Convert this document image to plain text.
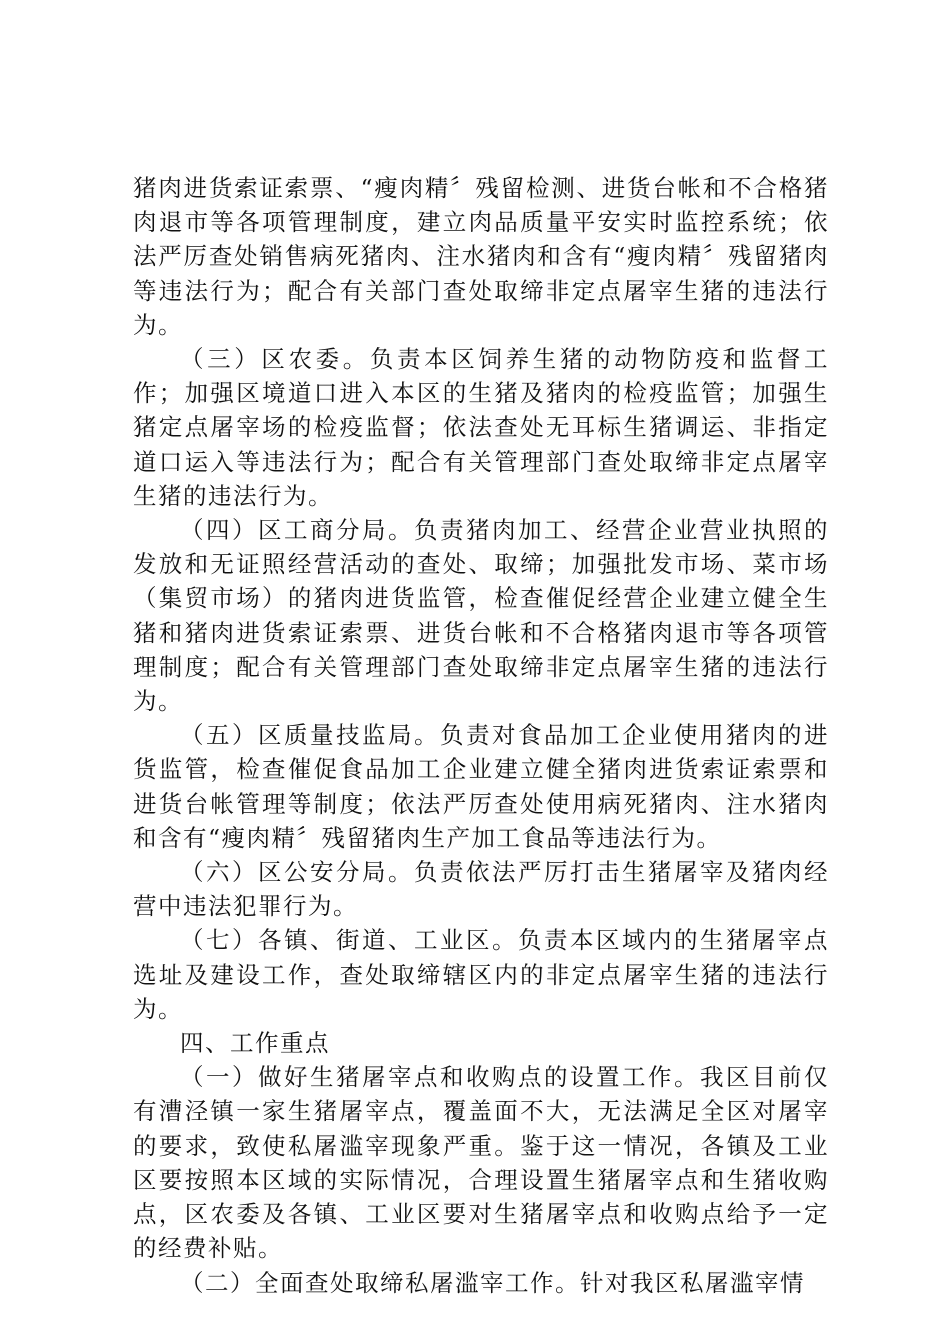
猪肉进货索证索票、“瘦肉精〞残留检测、进货台帐和不合格猪肉退市等各项管理制度，建立肉品质量平安实时监控系统；依法严厉查处销售病死猪肉、注水猪肉和含有“瘦肉精〞残留猪肉等违法行为；配合有关部门查处取缔非定点屠宰生猪的违法行为。

（三）区农委。负责本区饲养生猪的动物防疫和监督工作；加强区境道口进入本区的生猪及猪肉的检疫监管；加强生猪定点屠宰场的检疫监督；依法查处无耳标生猪调运、非指定道口运入等违法行为；配合有关管理部门查处取缔非定点屠宰生猪的违法行为。

（四）区工商分局。负责猪肉加工、经营企业营业执照的发放和无证照经营活动的查处、取缔；加强批发市场、菜市场（集贸市场）的猪肉进货监管，检查催促经营企业建立健全生猪和猪肉进货索证索票、进货台帐和不合格猪肉退市等各项管理制度；配合有关管理部门查处取缔非定点屠宰生猪的违法行为。

（五）区质量技监局。负责对食品加工企业使用猪肉的进货监管，检查催促食品加工企业建立健全猪肉进货索证索票和进货台帐管理等制度；依法严厉查处使用病死猪肉、注水猪肉和含有“瘦肉精〞残留猪肉生产加工食品等违法行为。

（六）区公安分局。负责依法严厉打击生猪屠宰及猪肉经营中违法犯罪行为。

（七）各镇、街道、工业区。负责本区域内的生猪屠宰点选址及建设工作，查处取缔辖区内的非定点屠宰生猪的违法行为。

四、工作重点

（一）做好生猪屠宰点和收购点的设置工作。我区目前仅有漕泾镇一家生猪屠宰点，覆盖面不大，无法满足全区对屠宰的要求，致使私屠滥宰现象严重。鉴于这一情况，各镇及工业区要按照本区域的实际情况，合理设置生猪屠宰点和生猪收购点，区农委及各镇、工业区要对生猪屠宰点和收购点给予一定的经费补贴。

（二）全面查处取缔私屠滥宰工作。针对我区私屠滥宰情
